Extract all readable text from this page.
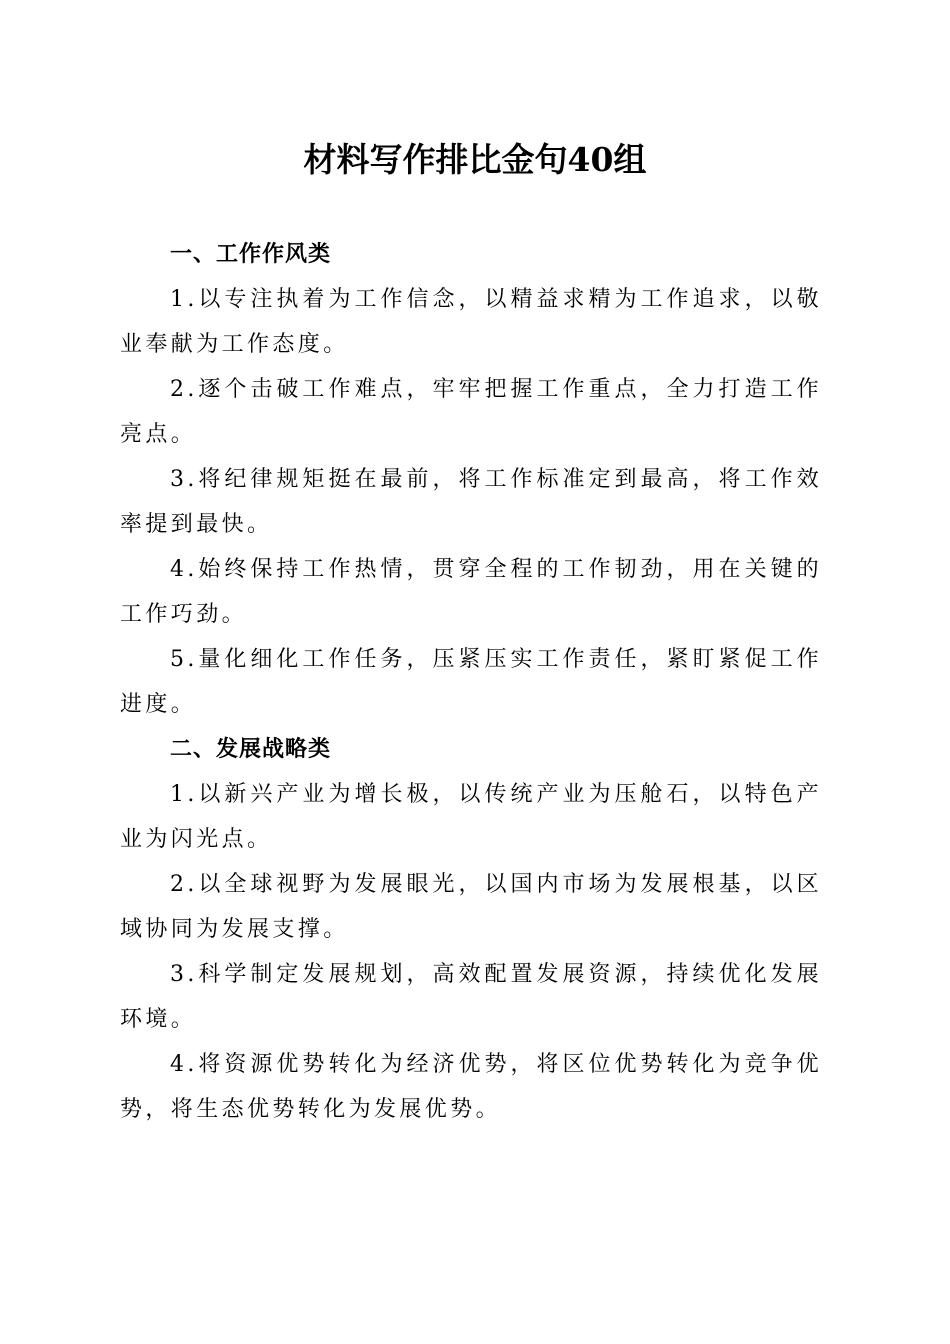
材料写作排比金句40组

一、工作作风类

1.以专注执着为工作信念，以精益求精为工作追求，以敬业奉献为工作态度。

2.逐个击破工作难点，牢牢把握工作重点，全力打造工作亮点。

3.将纪律规矩挺在最前，将工作标准定到最高，将工作效率提到最快。

4.始终保持工作热情，贯穿全程的工作韧劲，用在关键的工作巧劲。

5.量化细化工作任务，压紧压实工作责任，紧盯紧促工作进度。

二、发展战略类

1.以新兴产业为增长极，以传统产业为压舱石，以特色产业为闪光点。

2.以全球视野为发展眼光，以国内市场为发展根基，以区域协同为发展支撑。

3.科学制定发展规划，高效配置发展资源，持续优化发展环境。

4.将资源优势转化为经济优势，将区位优势转化为竞争优势，将生态优势转化为发展优势。
